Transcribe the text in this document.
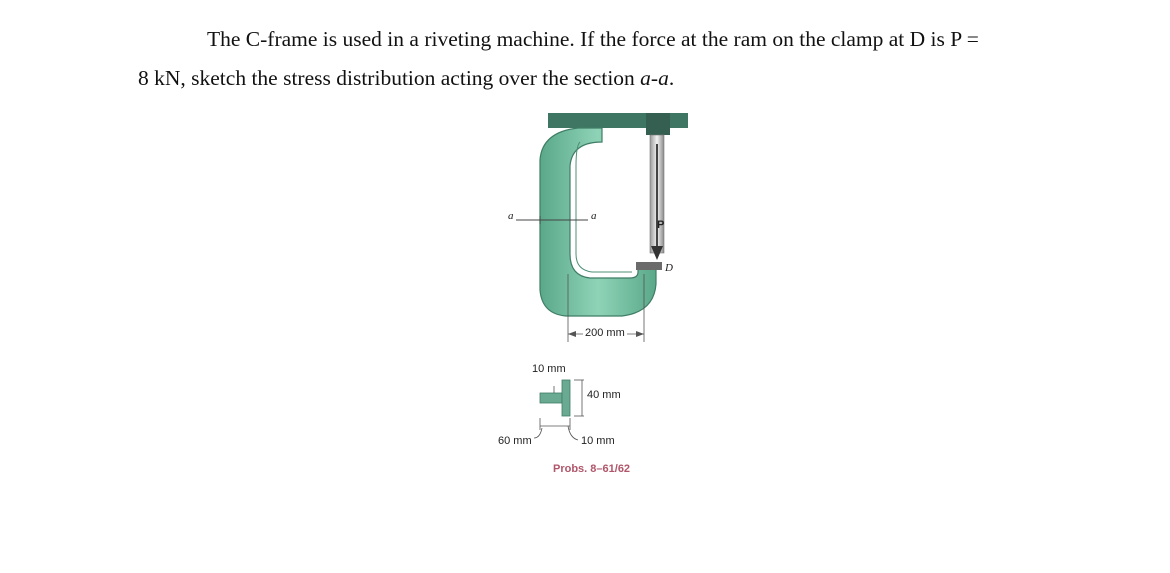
The C-frame is used in a riveting machine. If the force at the ram on the clamp at D is P =
8 kN, sketch the stress distribution acting over the section a-a.
a	a
P
D
200 mm
10 mm
40 mm
60 mm	10 mm
Probs. 8–61/62
